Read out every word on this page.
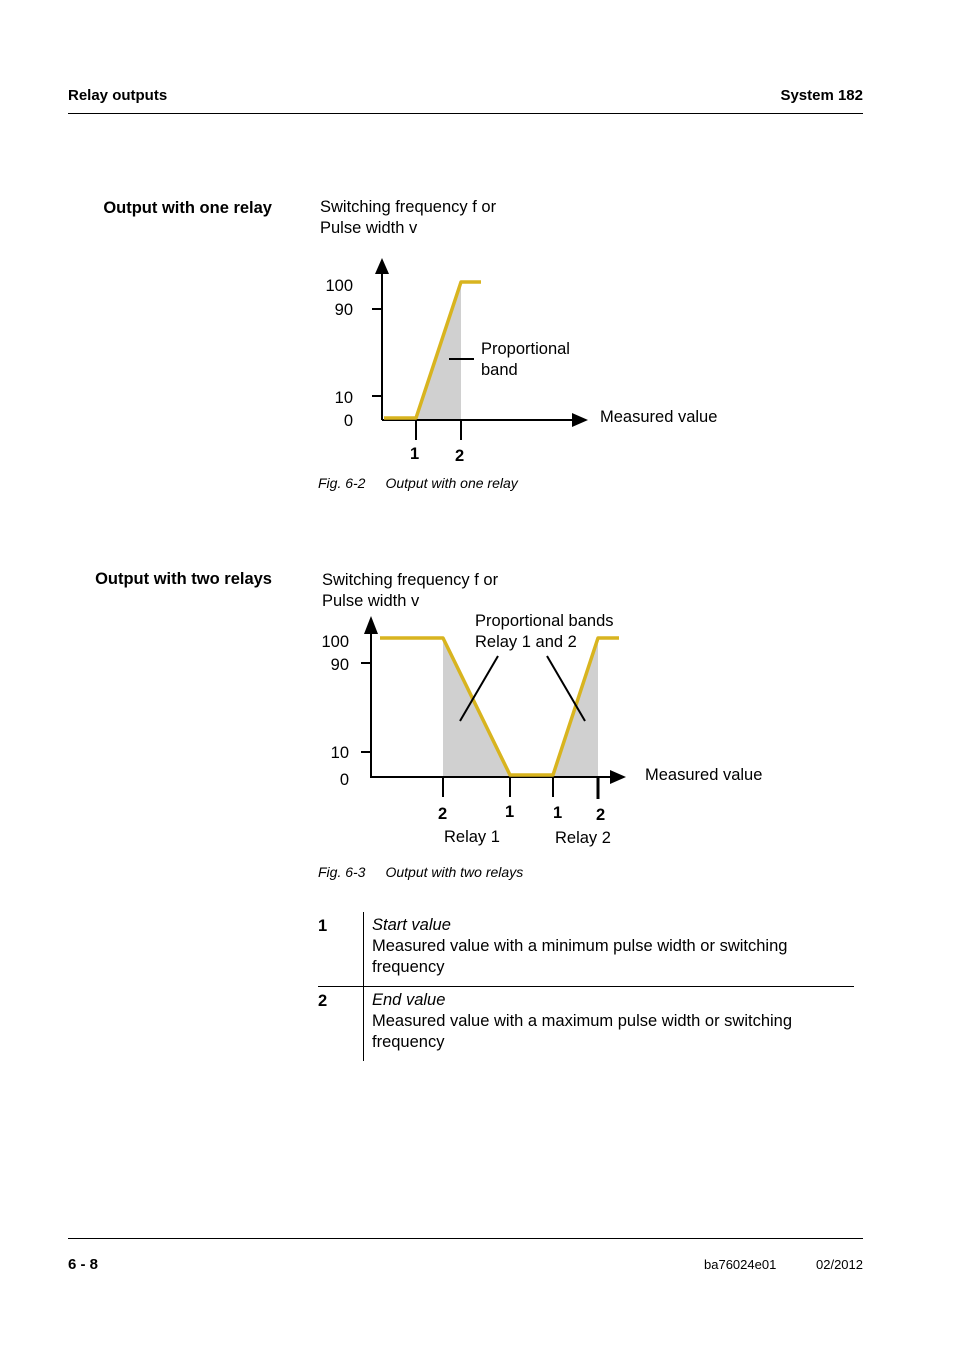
Relay outputs	System 182
Output with one relay	Switching frequency f or
Pulse width v
100
90
10
0
1 2
Proportional
band
Measured value
Fig. 6-2 Output with one relay
Output with two relays	Switching frequency f or
Pulse width v
100
90
10
0
Proportional bands
Relay 1 and 2
Measured value
2	1 1 2
Relay 1	Relay 2
Fig. 6-3 Output with two relays
1	Start value
Measured value with a minimum pulse width or switching frequency
2	End value
Measured value with a maximum pulse width or switching frequency
6 - 8	ba76024e01	02/2012
